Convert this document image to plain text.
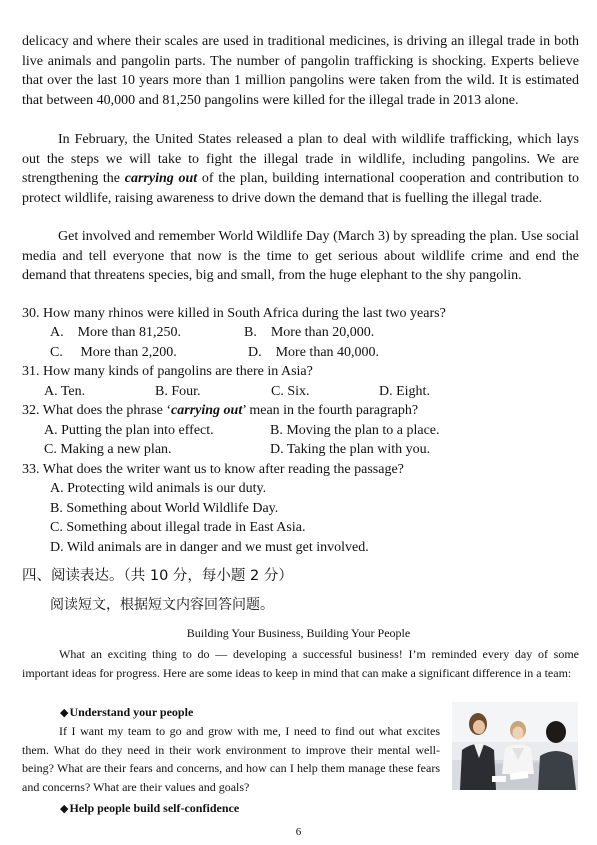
delicacy and where their scales are used in traditional medicines, is driving an illegal trade in both live animals and pangolin parts. The number of pangolin trafficking is shocking. Experts believe that over the last 10 years more than 1 million pangolins were taken from the wild. It is estimated that between 40,000 and 81,250 pangolins were killed for the illegal trade in 2013 alone.

In February, the United States released a plan to deal with wildlife trafficking, which lays out the steps we will take to fight the illegal trade in wildlife, including pangolins. We are strengthening the carrying out of the plan, building international cooperation and contribution to protect wildlife, raising awareness to drive down the demand that is fuelling the illegal trade.

Get involved and remember World Wildlife Day (March 3) by spreading the plan. Use social media and tell everyone that now is the time to get serious about wildlife crime and end the demand that threatens species, big and small, from the huge elephant to the shy pangolin.

30. How many rhinos were killed in South Africa during the last two years?
A. More than 81,250.	B. More than 20,000.
C.  More than 2,200.	D. More than 40,000.
31. How many kinds of pangolins are there in Asia?
A. Ten.	B. Four.	C. Six.	D. Eight.
32. What does the phrase ‘carrying out’ mean in the fourth paragraph?
A. Putting the plan into effect.	B. Moving the plan to a place.
C. Making a new plan.	D. Taking the plan with you.
33. What does the writer want us to know after reading the passage?
A. Protecting wild animals is our duty.
B. Something about World Wildlife Day.
C. Something about illegal trade in East Asia.
D. Wild animals are in danger and we must get involved.
四、阅读表达。（共 10 分，每小题 2 分）
阅读短文，根据短文内容回答问题。
Building Your Business, Building Your People

What an exciting thing to do — developing a successful business! I’m reminded every day of some important ideas for progress. Here are some ideas to keep in mind that can make a significant difference in a team:

◆Understand your people

If I want my team to go and grow with me, I need to find out what excites them. What do they need in their work environment to improve their mental well-being? What are their fears and concerns, and how can I help them manage these fears and concerns? What are their values and goals?

◆Help people build self-confidence
6
